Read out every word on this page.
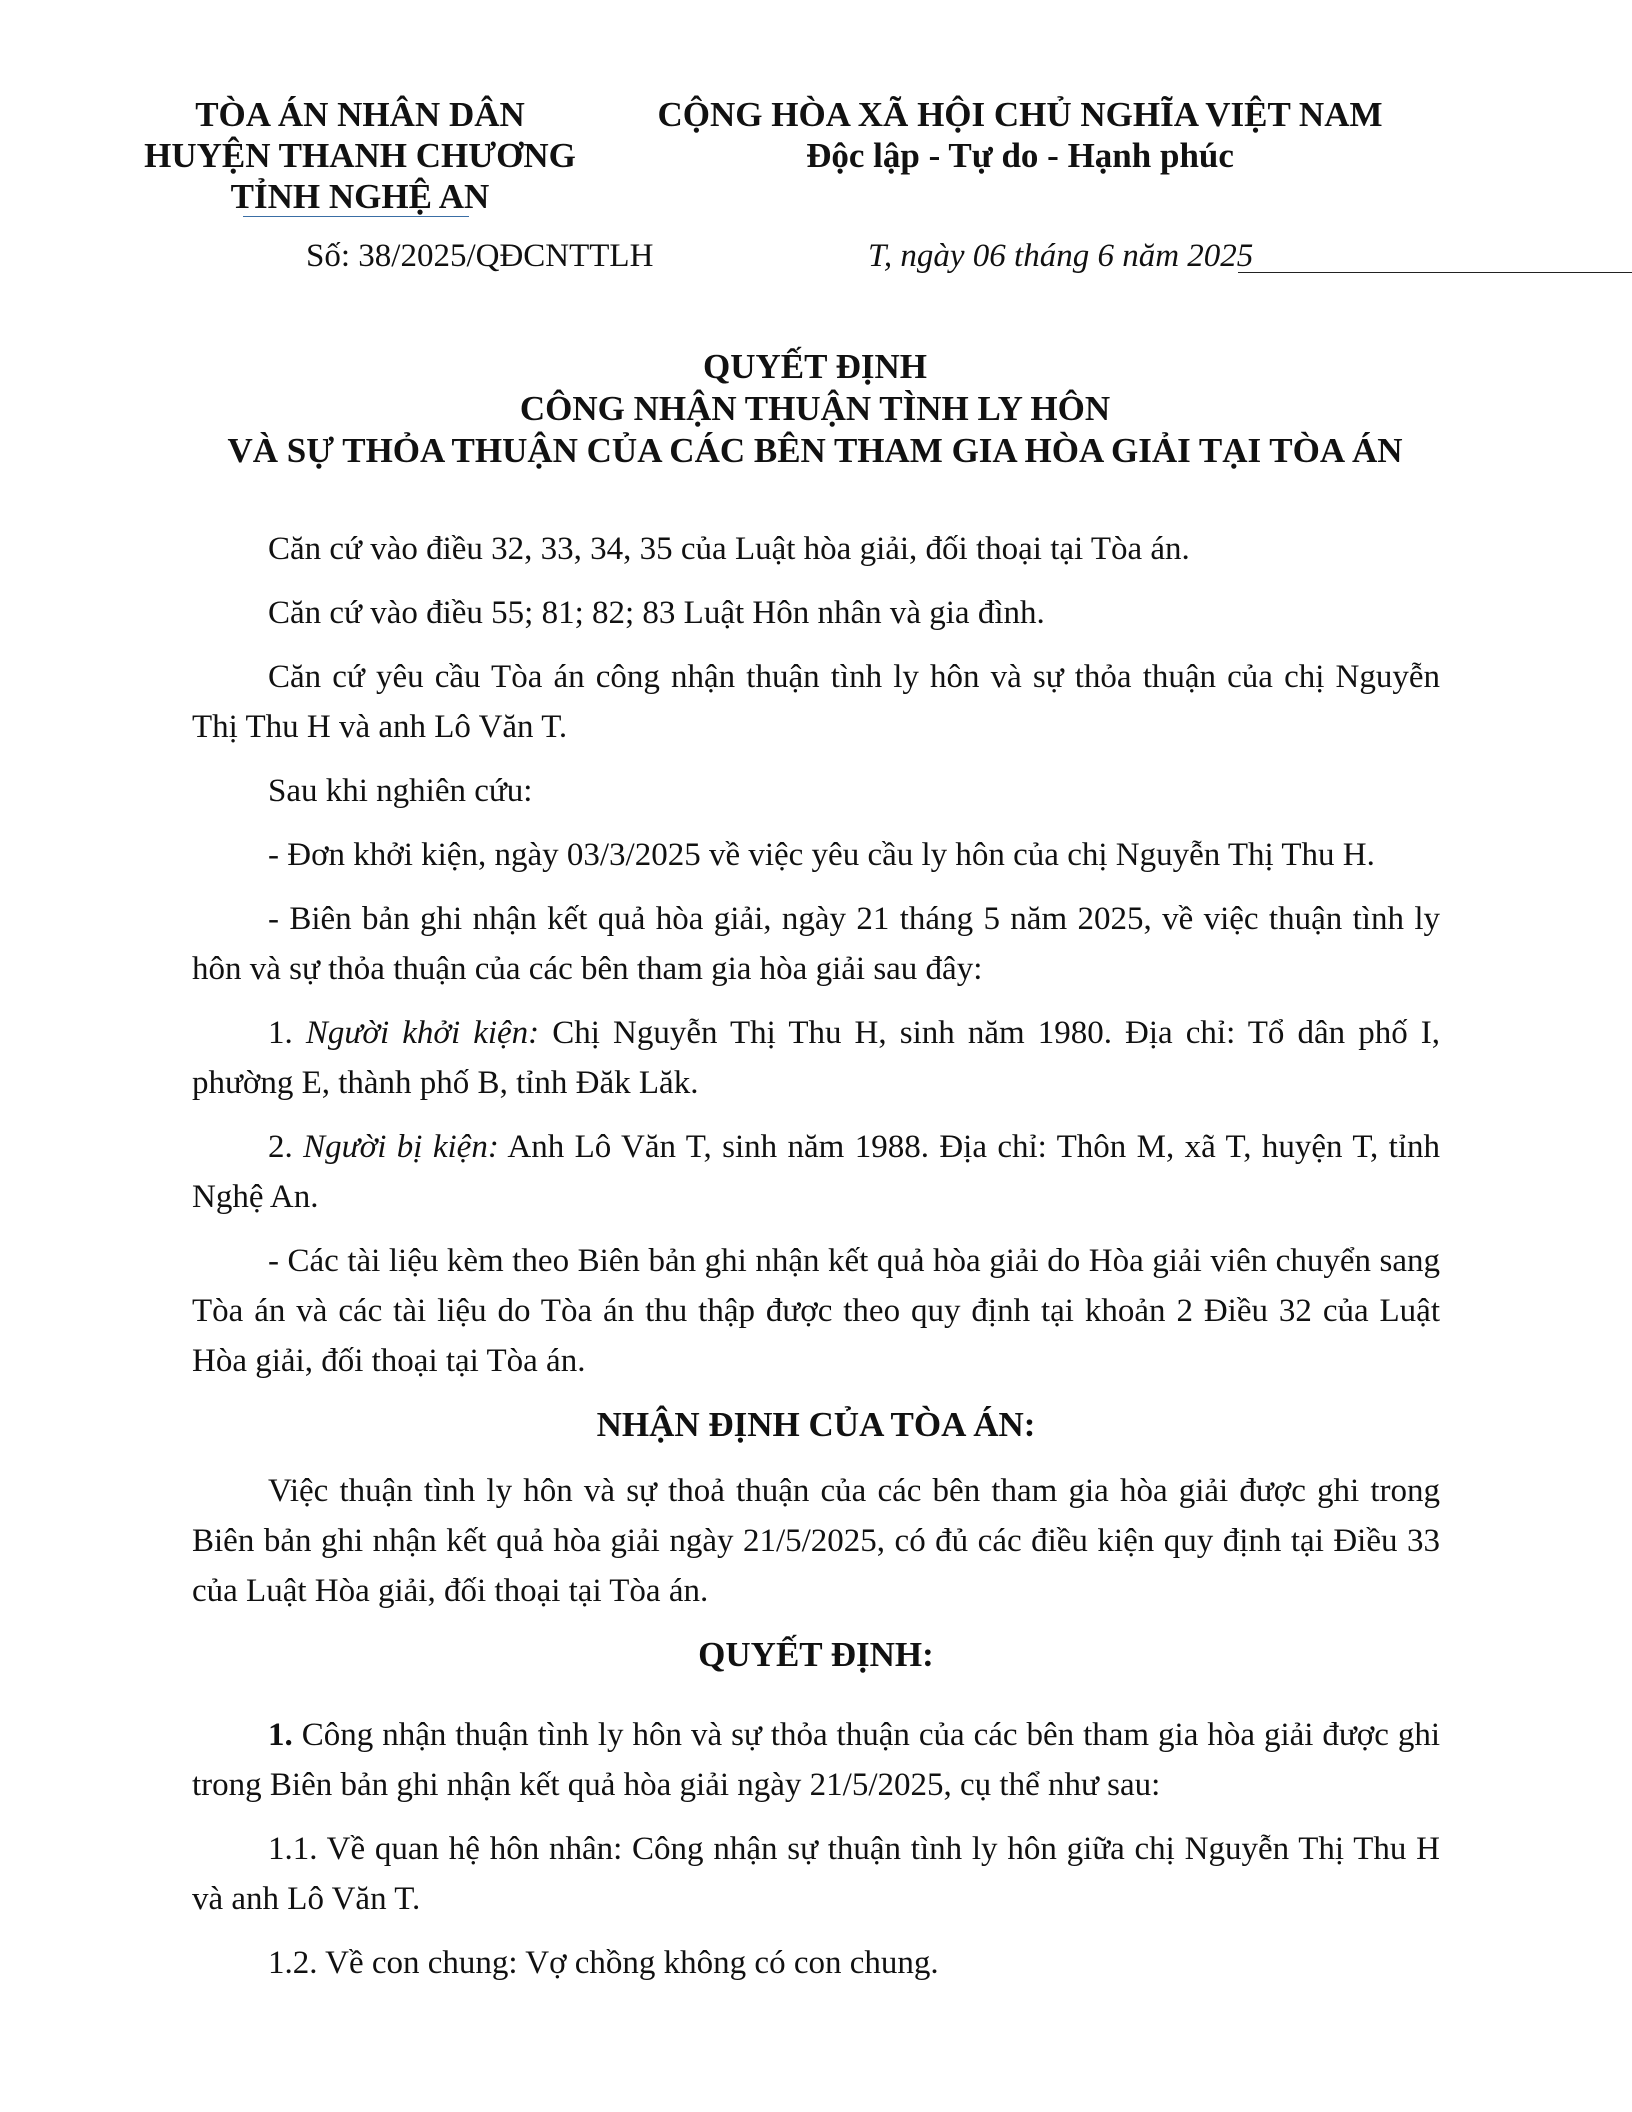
TÒA ÁN NHÂN DÂN
HUYỆN THANH CHƯƠNG
TỈNH NGHỆ AN
CỘNG HÒA XÃ HỘI CHỦ NGHĨA VIỆT NAM
Độc lập - Tự do - Hạnh phúc
Số: 38/2025/QĐCNTTLH	T, ngày 06 tháng 6 năm 2025
QUYẾT ĐỊNH
CÔNG NHẬN THUẬN TÌNH LY HÔN
VÀ SỰ THỎA THUẬN CỦA CÁC BÊN THAM GIA HÒA GIẢI TẠI TÒA ÁN

Căn cứ vào điều 32, 33, 34, 35 của Luật hòa giải, đối thoại tại Tòa án.

Căn cứ vào điều 55; 81; 82; 83 Luật Hôn nhân và gia đình.

Căn cứ yêu cầu Tòa án công nhận thuận tình ly hôn và sự thỏa thuận của chị Nguyễn Thị Thu H và anh Lô Văn T.

Sau khi nghiên cứu:

- Đơn khởi kiện, ngày 03/3/2025 về việc yêu cầu ly hôn của chị Nguyễn Thị Thu H.

- Biên bản ghi nhận kết quả hòa giải, ngày 21 tháng 5 năm 2025, về việc thuận tình ly hôn và sự thỏa thuận của các bên tham gia hòa giải sau đây:

1. Người khởi kiện: Chị Nguyễn Thị Thu H, sinh năm 1980. Địa chỉ: Tổ dân phố I, phường E, thành phố B, tỉnh Đăk Lăk.

2. Người bị kiện: Anh Lô Văn T, sinh năm 1988. Địa chỉ: Thôn M, xã T, huyện T, tỉnh Nghệ An.

- Các tài liệu kèm theo Biên bản ghi nhận kết quả hòa giải do Hòa giải viên chuyển sang Tòa án và các tài liệu do Tòa án thu thập được theo quy định tại khoản 2 Điều 32 của Luật Hòa giải, đối thoại tại Tòa án.

NHẬN ĐỊNH CỦA TÒA ÁN:

Việc thuận tình ly hôn và sự thoả thuận của các bên tham gia hòa giải được ghi trong Biên bản ghi nhận kết quả hòa giải ngày 21/5/2025, có đủ các điều kiện quy định tại Điều 33 của Luật Hòa giải, đối thoại tại Tòa án.

QUYẾT ĐỊNH:

1. Công nhận thuận tình ly hôn và sự thỏa thuận của các bên tham gia hòa giải được ghi trong Biên bản ghi nhận kết quả hòa giải ngày 21/5/2025, cụ thể như sau:

1.1. Về quan hệ hôn nhân: Công nhận sự thuận tình ly hôn giữa chị Nguyễn Thị Thu H và anh Lô Văn T.

1.2. Về con chung: Vợ chồng không có con chung.
